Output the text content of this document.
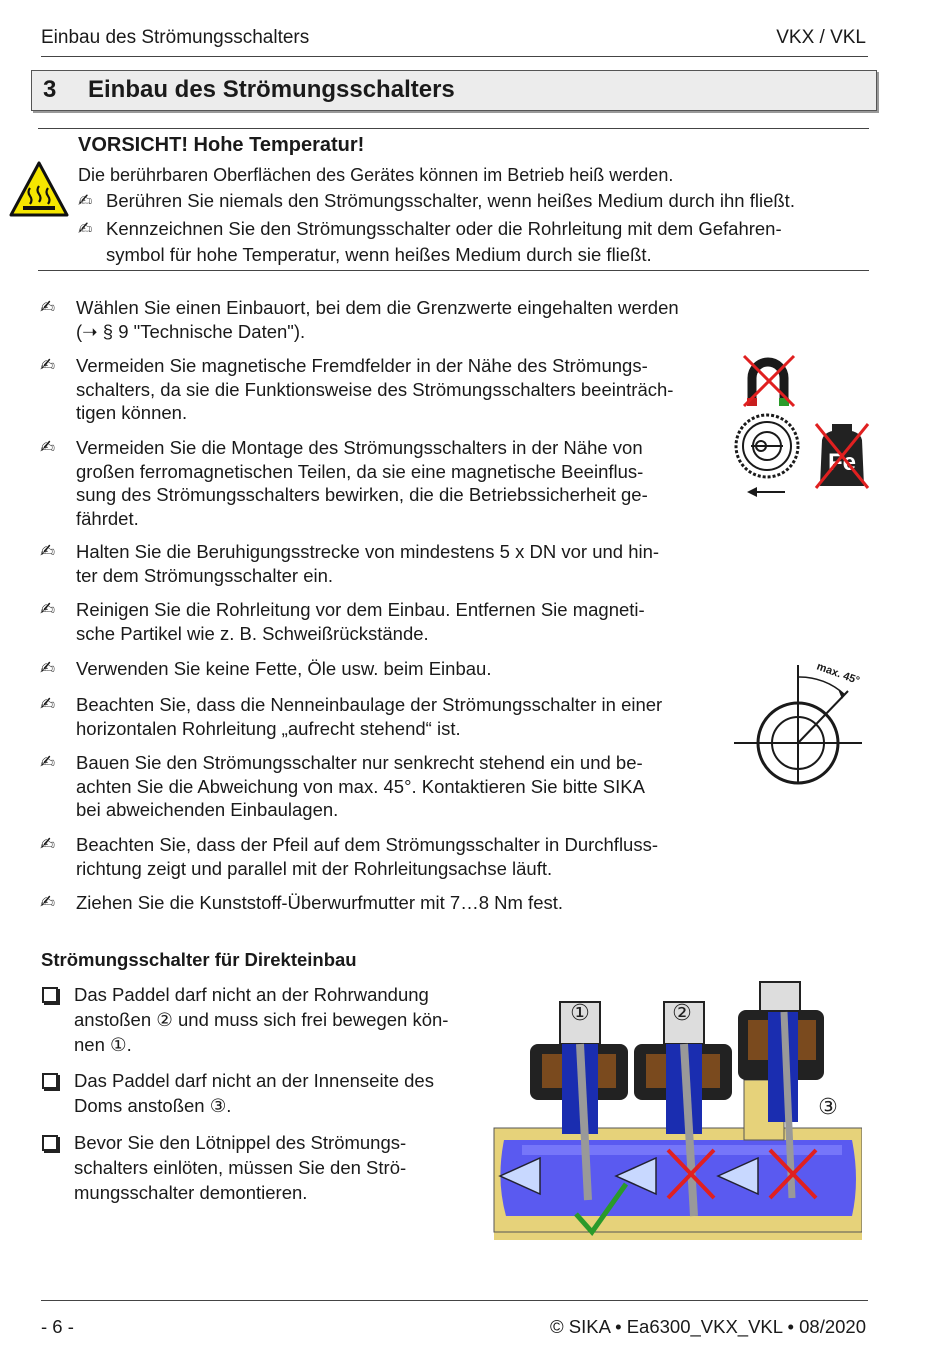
Einbau des Strömungsschalters	VKX / VKL
3 Einbau des Strömungsschalters
VORSICHT! Hohe Temperatur!
Die berührbaren Oberflächen des Gerätes können im Betrieb heiß werden.
✍ Berühren Sie niemals den Strömungsschalter, wenn heißes Medium durch ihn fließt.
✍ Kennzeichnen Sie den Strömungsschalter oder die Rohrleitung mit dem Gefahren-
symbol für hohe Temperatur, wenn heißes Medium durch sie fließt.
✍ Wählen Sie einen Einbauort, bei dem die Grenzwerte eingehalten werden
(➝ § 9 "Technische Daten").
✍ Vermeiden Sie magnetische Fremdfelder in der Nähe des Strömungs-
schalters, da sie die Funktionsweise des Strömungsschalters beeinträch-
tigen können.
✍ Vermeiden Sie die Montage des Strömungsschalters in der Nähe von
großen ferromagnetischen Teilen, da sie eine magnetische Beeinflus-
sung des Strömungsschalters bewirken, die die Betriebssicherheit ge-
fährdet.
✍ Halten Sie die Beruhigungsstrecke von mindestens 5 x DN vor und hin-
ter dem Strömungsschalter ein.
✍ Reinigen Sie die Rohrleitung vor dem Einbau. Entfernen Sie magneti-
sche Partikel wie z. B. Schweißrückstände.
✍ Verwenden Sie keine Fette, Öle usw. beim Einbau.
✍ Beachten Sie, dass die Nenneinbaulage der Strömungsschalter in einer
horizontalen Rohrleitung „aufrecht stehend“ ist.
✍ Bauen Sie den Strömungsschalter nur senkrecht stehend ein und be-
achten Sie die Abweichung von max. 45°. Kontaktieren Sie bitte SIKA
bei abweichenden Einbaulagen.
✍ Beachten Sie, dass der Pfeil auf dem Strömungsschalter in Durchfluss-
richtung zeigt und parallel mit der Rohrleitungsachse läuft.
✍ Ziehen Sie die Kunststoff-Überwurfmutter mit 7…8 Nm fest.
Fe
max. 45°
Strömungsschalter für Direkteinbau
Das Paddel darf nicht an der Rohrwandung
anstoßen ② und muss sich frei bewegen kön-
nen ①.
Das Paddel darf nicht an der Innenseite des
Doms anstoßen ③.
Bevor Sie den Lötnippel des Strömungs-
schalters einlöten, müssen Sie den Strö-
mungsschalter demontieren.
①	②
③
- 6 -	© SIKA • Ea6300_VKX_VKL • 08/2020
